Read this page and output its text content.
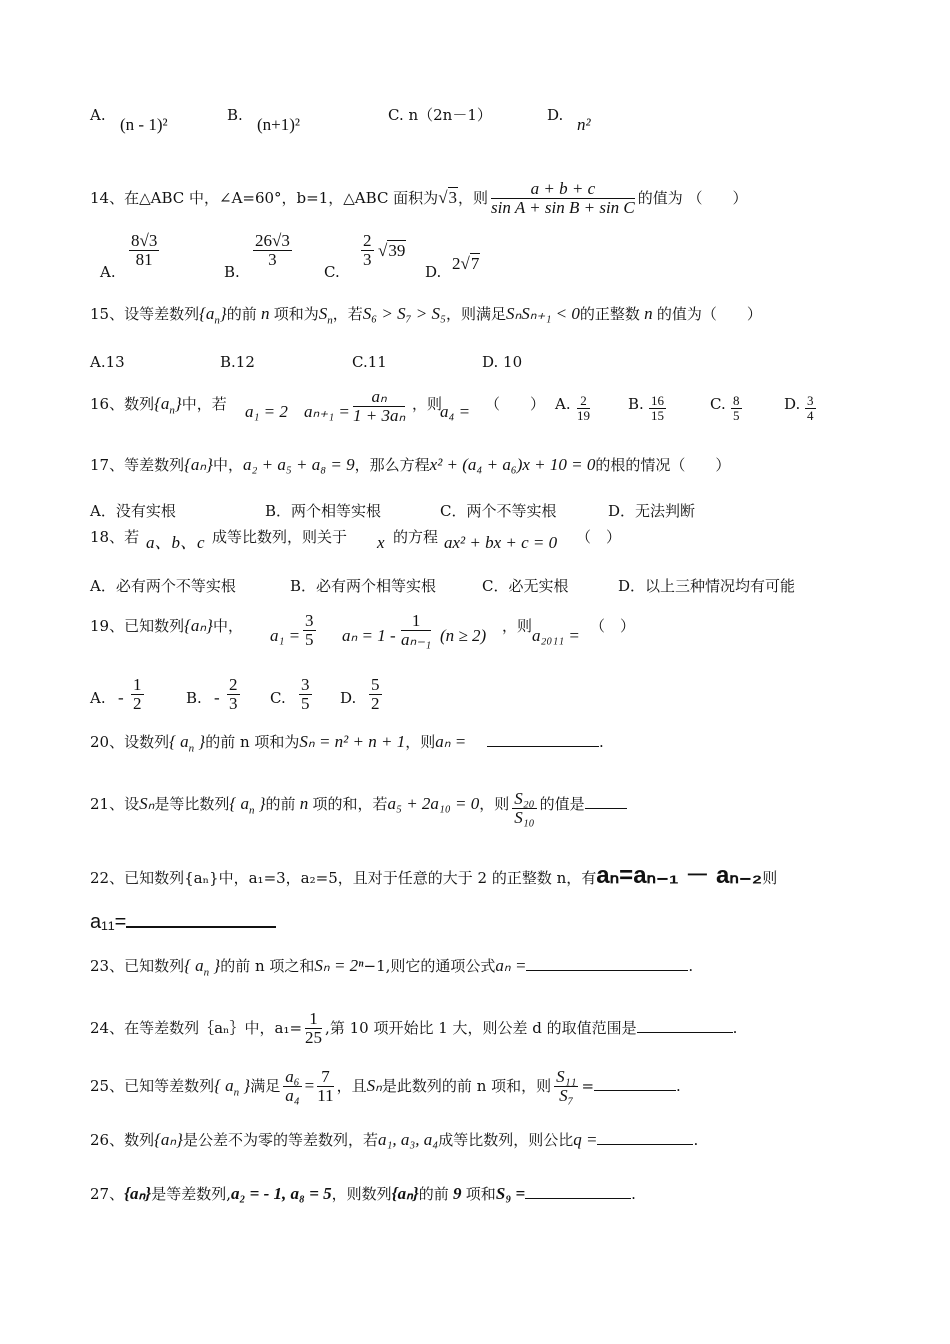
A. (n - 1)²	B. (n+1)²	C. n（2n－1）	D. n²
14、在△ABC 中，∠A=60°，b=1，△ABC 面积为√3，则 $\frac{a + b + c}{\text{sin A + sin B + sin C}}$ 的值为 （　　）
A.
$\frac{8√3}{81}$
B.
$\frac{26√3}{3}$
C.
$\frac{2}{3} √39$
D. 2√7
15、设等差数列$\{a_n\}$的前 n 项和为$S_n$，若S₆ > S₇ > S₅，则满足SₙSₙ₊₁ < 0的正整数 n 的值为（　　）
A.13	B.12	C.11	D. 10
16、数列$\{a_n\}$中，若 a₁ = 2 $a_{n+1} = \frac{\text{aₙ}}{\text{1 + 3aₙ}}$ ，则
a₄ = （　　） A. $\frac{2}{19}$	B. $\frac{16}{15}$	C. $\frac{8}{5}$	D. $\frac{3}{4}$
17、等差数列{aₙ}中，a₂ + a₅ + a₈ = 9，那么方程x² + (a₄ + a₆)x + 10 = 0的根的情况（　　）
A．没有实根	B．两个相等实根	C．两个不等实根	D．无法判断
18、若 a、b、c 成等比数列，则关于 x 的方程 ax² + bx + c = 0 （　）
A．必有两个不等实根	B．必有两个相等实根	C．必无实根	D．以上三种情况均有可能
19、已知数列{aₙ}中， $a_1 = \frac{3}{5}$ $a_n = 1 - \frac{1}{\text{aₙ₋₁}} (n \ge 2)$ ，则 a₂₀₁₁ = （　）
A. - $\frac{1}{2}$	B. - $\frac{2}{3} C$. $\frac{3}{5} D$. $\frac{5}{2}$
20、设数列{ $a_n$ }的前 n 项和为Sₙ = n² + n + 1，则aₙ =	.
21、设Sₙ是等比数列{ $a_n$ }的前 n 项的和，若a₅ + 2a₁₀ = 0，则 $\frac{\text{S₂₀}}{\text{S₁₀}}$ 的值是
22、已知数列{aₙ}中，a₁=3，a₂=5，且对于任意的大于 2 的正整数 n，有aₙ=aₙ₋₁ － aₙ₋₂则
a₁₁=
23、已知数列{ $a_n$ }的前 n 项之和Sₙ = 2ⁿ−1,则它的通项公式aₙ =	.
24、在等差数列｛aₙ｝中，$a_1= \frac{1}{25}$ ,第 10 项开始比 1 大，则公差 d 的取值范围是	.
25、已知等差数列{ $a_n$ }满足 $\frac{\text{a₆}}{\text{a₄}} = \frac{7}{11}$ ，且Sₙ是此数列的前 n 项和，则 $\frac{\text{S₁₁}}{\text{S₇}}$ =	.
26、数列{aₙ}是公差不为零的等差数列，若a₁, a₃, a₄成等比数列，则公比q =	.
27、{aₙ}是等差数列,a₂ = - 1, a₈ = 5，则数列{aₙ}的前 9 项和S₉ =	.
